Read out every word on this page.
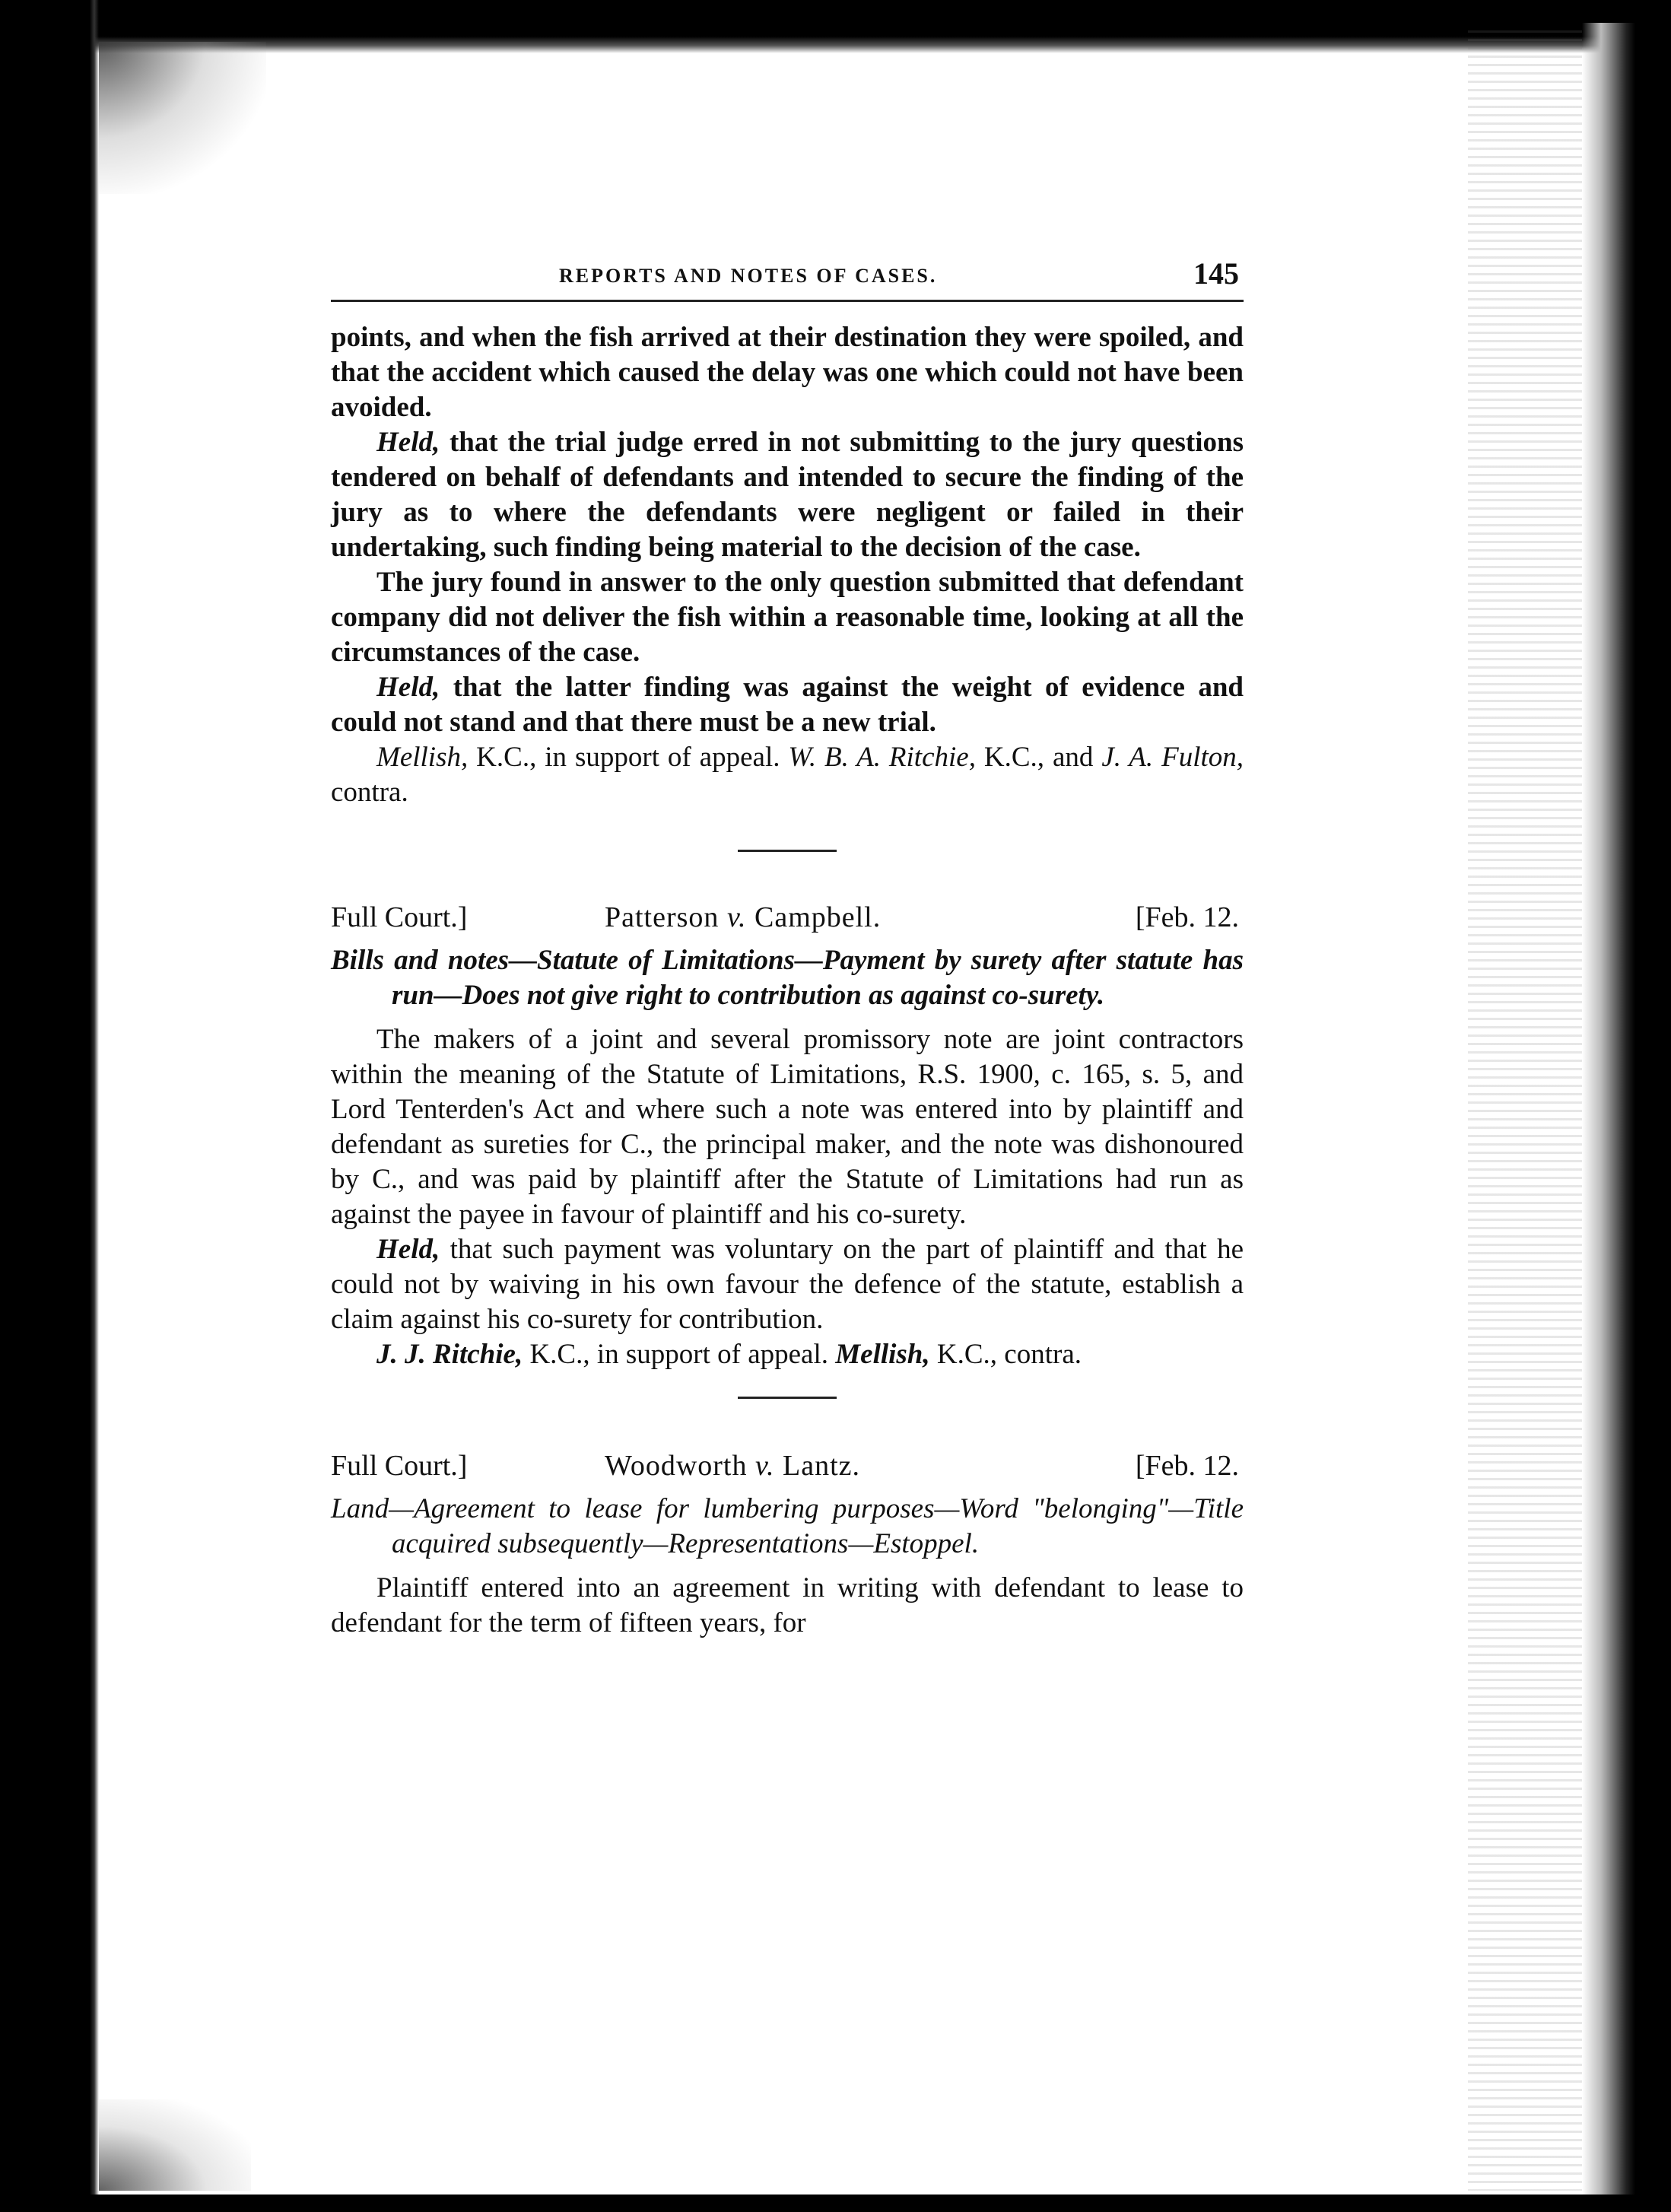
REPORTS AND NOTES OF CASES.	145

points, and when the fish arrived at their destination they were spoiled, and that the accident which caused the delay was one which could not have been avoided.

Held, that the trial judge erred in not submitting to the jury questions tendered on behalf of defendants and intended to secure the finding of the jury as to where the defendants were negligent or failed in their undertaking, such finding being material to the decision of the case.

The jury found in answer to the only question submitted that defendant company did not deliver the fish within a reasonable time, looking at all the circumstances of the case.

Held, that the latter finding was against the weight of evidence and could not stand and that there must be a new trial.

Mellish, K.C., in support of appeal. W. B. A. Ritchie, K.C., and J. A. Fulton, contra.

Full Court.]	Patterson v. Campbell.	[Feb. 12.

Bills and notes—Statute of Limitations—Payment by surety after statute has run—Does not give right to contribution as against co-surety.

The makers of a joint and several promissory note are joint contractors within the meaning of the Statute of Limitations, R.S. 1900, c. 165, s. 5, and Lord Tenterden's Act and where such a note was entered into by plaintiff and defendant as sureties for C., the principal maker, and the note was dishonoured by C., and was paid by plaintiff after the Statute of Limitations had run as against the payee in favour of plaintiff and his co-surety.

Held, that such payment was voluntary on the part of plaintiff and that he could not by waiving in his own favour the defence of the statute, establish a claim against his co-surety for contribution.

J. J. Ritchie, K.C., in support of appeal. Mellish, K.C., contra.

Full Court.]	Woodworth v. Lantz.	[Feb. 12.

Land—Agreement to lease for lumbering purposes—Word "belonging"—Title acquired subsequently—Representations—Estoppel.

Plaintiff entered into an agreement in writing with defendant to lease to defendant for the term of fifteen years, for
